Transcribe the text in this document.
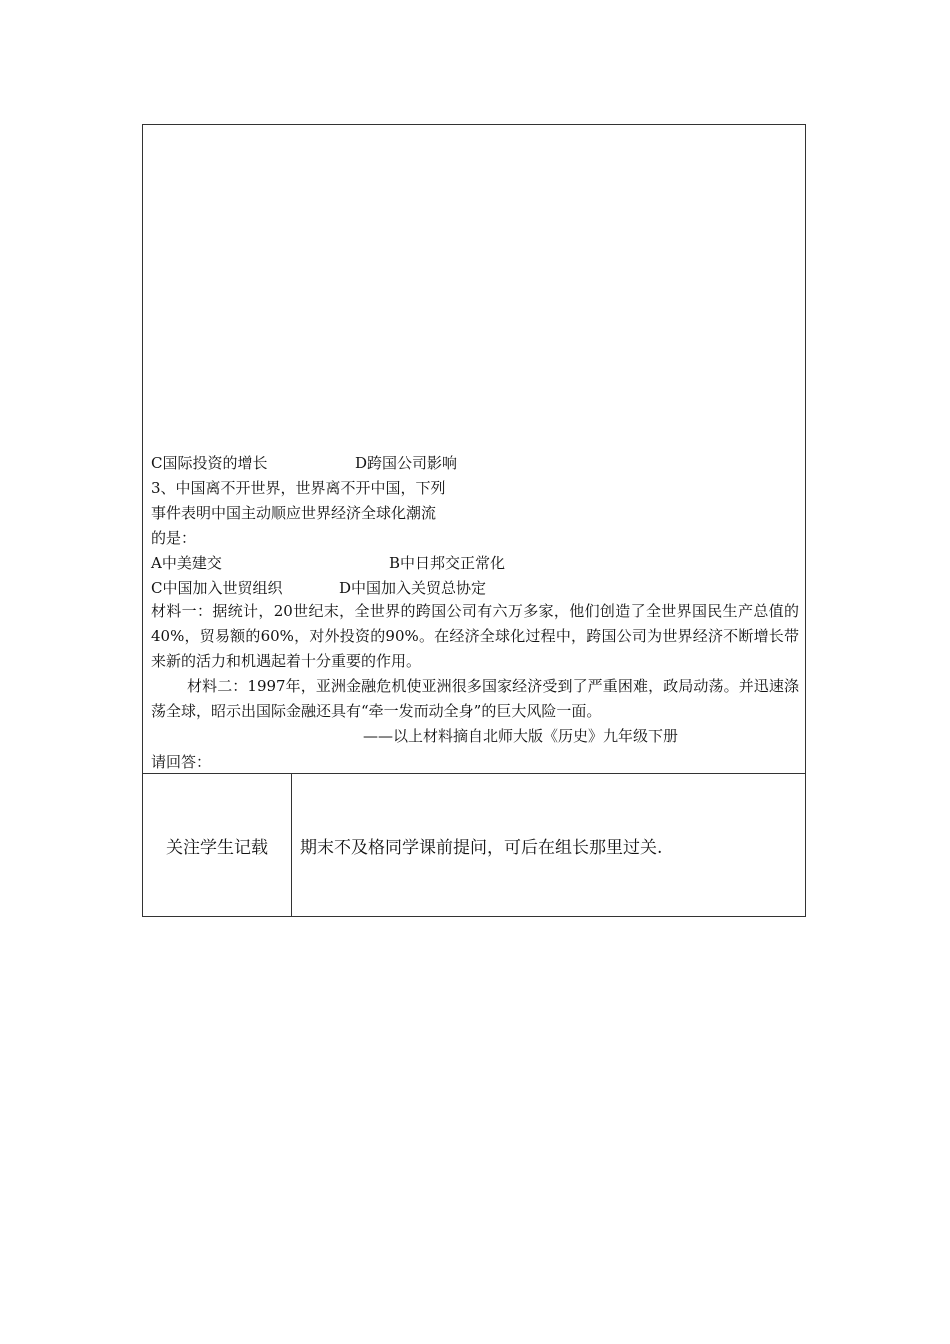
C国际投资的增长	D跨国公司影响
3、中国离不开世界，世界离不开中国，下列
事件表明中国主动顺应世界经济全球化潮流
的是：
A中美建交	B中日邦交正常化
C中国加入世贸组织	D中国加入关贸总协定
材料一：据统计，20世纪末，全世界的跨国公司有六万多家，他们创造了全世界国民生产总值的40%，贸易额的60%，对外投资的90%。在经济全球化过程中，跨国公司为世界经济不断增长带来新的活力和机遇起着十分重要的作用。
材料二：1997年，亚洲金融危机使亚洲很多国家经济受到了严重困难，政局动荡。并迅速涤荡全球，昭示出国际金融还具有“牵一发而动全身”的巨大风险一面。
——以上材料摘自北师大版《历史》九年级下册
请回答：
关注学生记载 期末不及格同学课前提问，可后在组长那里过关.
